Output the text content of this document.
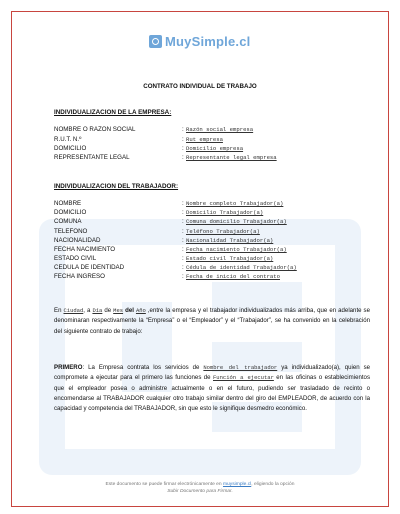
MuySimple.cl
CONTRATO INDIVIDUAL DE TRABAJO
INDIVIDUALIZACION DE LA EMPRESA:
NOMBRE O RAZON SOCIAL	: Razón social empresa
R.U.T. N.º	: Rut empresa
DOMICILIO	: Domicilio empresa
REPRESENTANTE LEGAL	: Representante legal empresa
INDIVIDUALIZACION DEL TRABAJADOR:
NOMBRE	: Nombre completo Trabajador(a)
DOMICILIO	: Domicilio Trabajador(a)
COMUNA	: Comuna domicilio Trabajador(a)
TELEFONO	: Teléfono Trabajador(a)
NACIONALIDAD	: Nacionalidad Trabajador(a)
FECHA NACIMIENTO	: Fecha nacimiento Trabajador(a)
ESTADO CIVIL	: Estado civil Trabajador(a)
CEDULA DE IDENTIDAD	: Cédula de identidad Trabajador(a)
FECHA INGRESO	: Fecha de inicio del contrato
En Ciudad, a Día de Mes del Año ,entre la empresa y el trabajador individualizados más arriba, que en adelante se denominaran respectivamente la “Empresa” o el “Empleador” y el “Trabajador”, se ha convenido en la celebración del siguiente contrato de trabajo:
PRIMERO: La Empresa contrata los servicios de Nombre del trabajador ya individualizado(a), quien se compromete a ejecutar para el primero las funciones de Función a ejecutar en las oficinas o establecimientos que el empleador posea o administre actualmente o en el futuro, pudiendo ser trasladado de recinto o encomendarse al TRABAJADOR cualquier otro trabajo similar dentro del giro del EMPLEADOR, de acuerdo con la capacidad y competencia del TRABAJADOR, sin que esto le signifique desmedro económico.
Este documento se puede firmar electrónicamente en muysimple.cl, eligiendo la opción
Subir Documento para Firmar.
